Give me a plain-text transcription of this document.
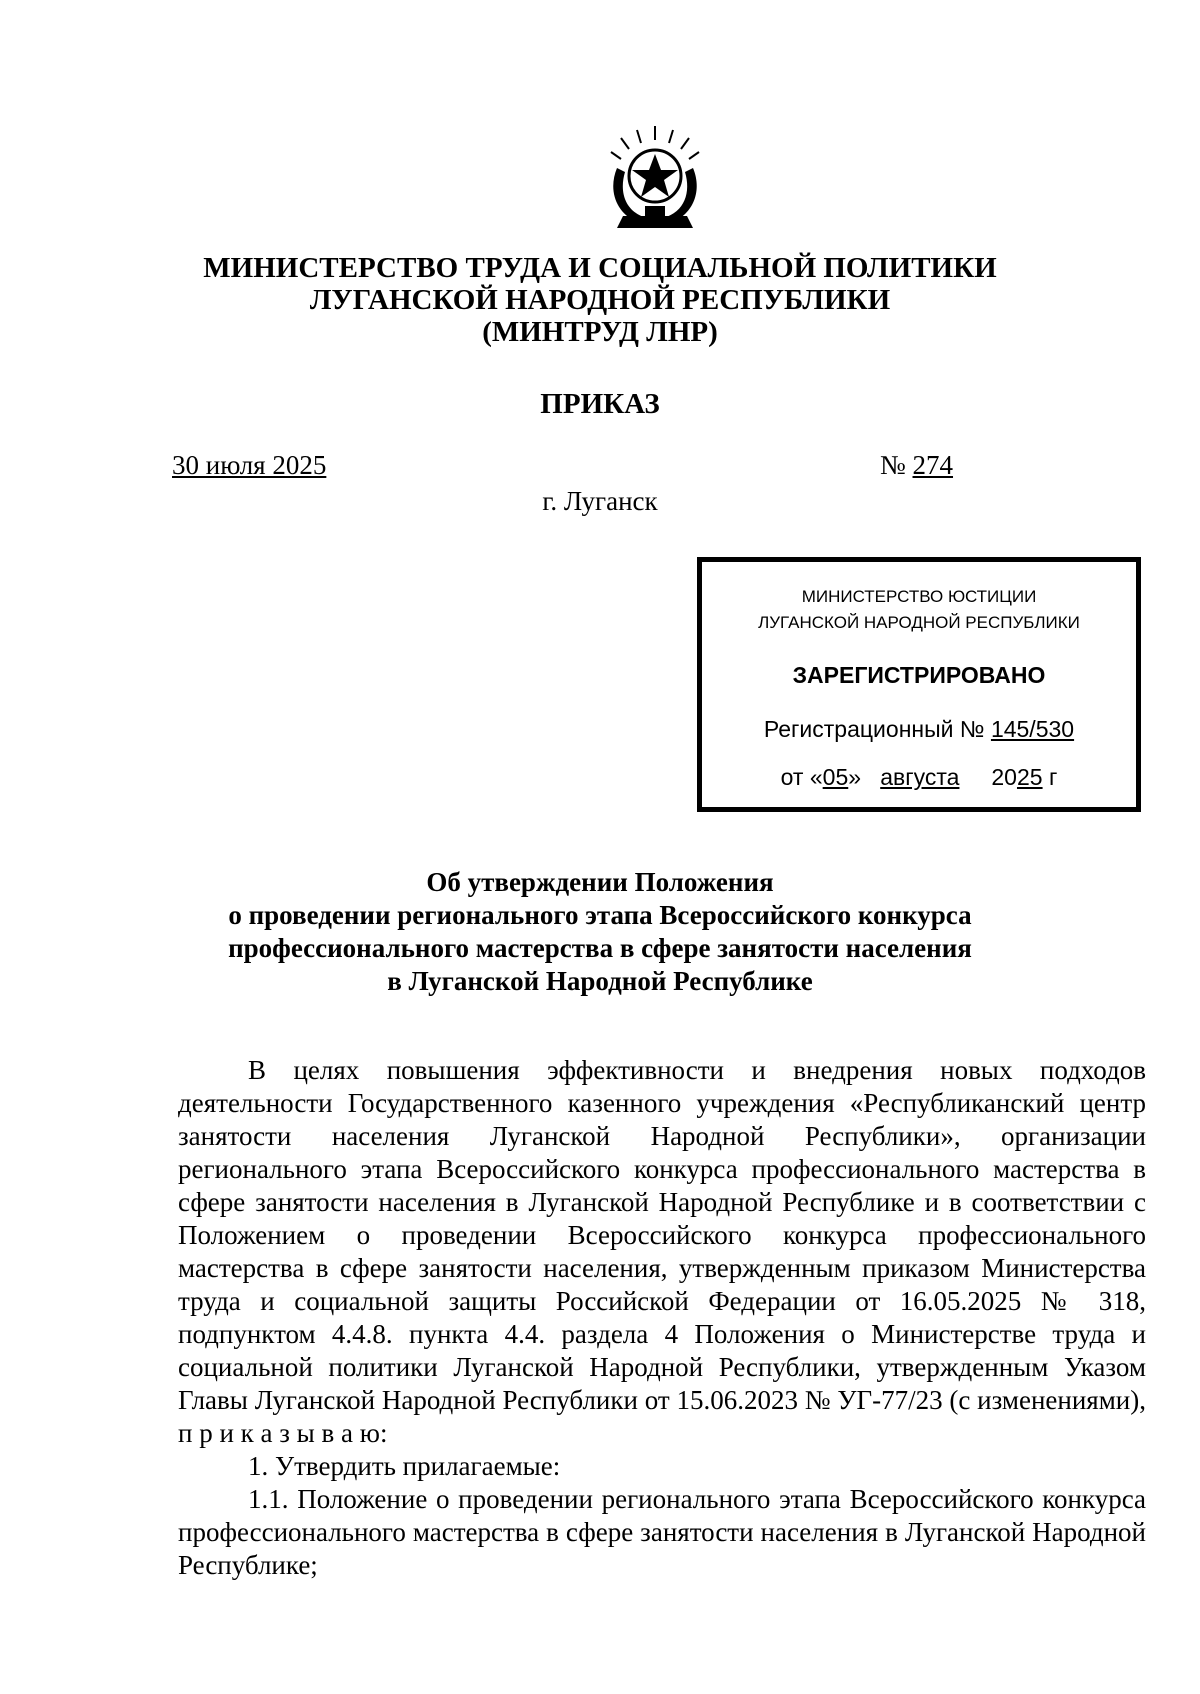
МИНИСТЕРСТВО ТРУДА И СОЦИАЛЬНОЙ ПОЛИТИКИ
ЛУГАНСКОЙ НАРОДНОЙ РЕСПУБЛИКИ
(МИНТРУД ЛНР)
ПРИКАЗ
30 июля 2025	№ 274
г. Луганск
МИНИСТЕРСТВО ЮСТИЦИИ
ЛУГАНСКОЙ НАРОДНОЙ РЕСПУБЛИКИ
ЗАРЕГИСТРИРОВАНО
Регистрационный № 145/530
от «05» августа 2025 г
Об утверждении Положения
о проведении регионального этапа Всероссийского конкурса
профессионального мастерства в сфере занятости населения
в Луганской Народной Республике

В целях повышения эффективности и внедрения новых подходов деятельности Государственного казенного учреждения «Республиканский центр занятости населения Луганской Народной Республики», организации регионального этапа Всероссийского конкурса профессионального мастерства в сфере занятости населения в Луганской Народной Республике и в соответствии с Положением о проведении Всероссийского конкурса профессионального мастерства в сфере занятости населения, утвержденным приказом Министерства труда и социальной защиты Российской Федерации от 16.05.2025 № 318, подпунктом 4.4.8. пункта 4.4. раздела 4 Положения о Министерстве труда и социальной политики Луганской Народной Республики, утвержденным Указом Главы Луганской Народной Республики от 15.06.2023 № УГ-77/23 (с изменениями), п р и к а з ы в а ю:

1. Утвердить прилагаемые:

1.1. Положение о проведении регионального этапа Всероссийского конкурса профессионального мастерства в сфере занятости населения в Луганской Народной Республике;
